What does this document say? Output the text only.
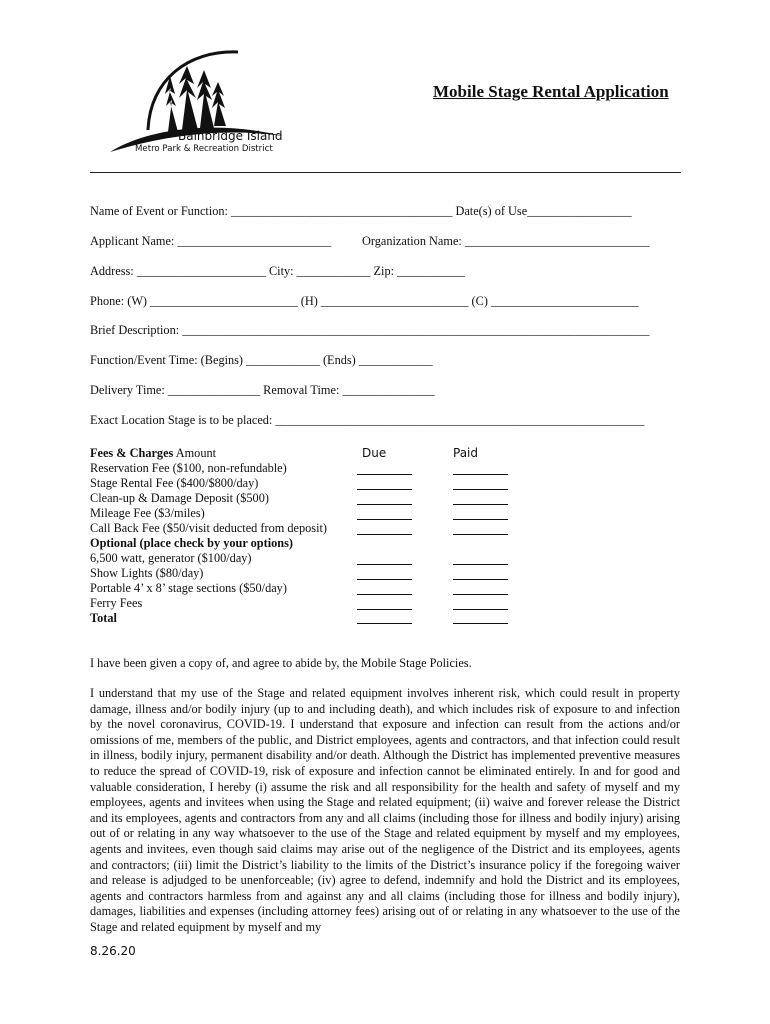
Bainbridge Island
Metro Park & Recreation District
Mobile Stage Rental Application
Name of Event or Function: ____________________________________ Date(s) of Use_________________
Applicant Name: _________________________	Organization Name: ______________________________
Address: _____________________ City: ____________ Zip: ___________
Phone: (W) ________________________ (H) ________________________ (C) ________________________
Brief Description: ____________________________________________________________________________
Function/Event Time: (Begins) ____________ (Ends) ____________
Delivery Time: _______________ Removal Time: _______________
Exact Location Stage is to be placed: ____________________________________________________________
Fees & Charges Amount
Reservation Fee ($100, non-refundable)
Stage Rental Fee ($400/$800/day)
Clean-up & Damage Deposit ($500)
Mileage Fee ($3/miles)
Call Back Fee ($50/visit deducted from deposit)
Optional (place check by your options)
6,500 watt, generator ($100/day)
Show Lights ($80/day)
Portable 4’ x 8’ stage sections ($50/day)
Ferry Fees
Total
Due	Paid
I have been given a copy of, and agree to abide by, the Mobile Stage Policies.
I understand that my use of the Stage and related equipment involves inherent risk, which could result in property damage, illness and/or bodily injury (up to and including death), and which includes risk of exposure to and infection by the novel coronavirus, COVID-19. I understand that exposure and infection can result from the actions and/or omissions of me, members of the public, and District employees, agents and contractors, and that infection could result in illness, bodily injury, permanent disability and/or death. Although the District has implemented preventive measures to reduce the spread of COVID-19, risk of exposure and infection cannot be eliminated entirely. In and for good and valuable consideration, I hereby (i) assume the risk and all responsibility for the health and safety of myself and my employees, agents and invitees when using the Stage and related equipment; (ii) waive and forever release the District and its employees, agents and contractors from any and all claims (including those for illness and bodily injury) arising out of or relating in any way whatsoever to the use of the Stage and related equipment by myself and my employees, agents and invitees, even though said claims may arise out of the negligence of the District and its employees, agents and contractors; (iii) limit the District’s liability to the limits of the District’s insurance policy if the foregoing waiver and release is adjudged to be unenforceable; (iv) agree to defend, indemnify and hold the District and its employees, agents and contractors harmless from and against any and all claims (including those for illness and bodily injury), damages, liabilities and expenses (including attorney fees) arising out of or relating in any whatsoever to the use of the Stage and related equipment by myself and my
8.26.20
